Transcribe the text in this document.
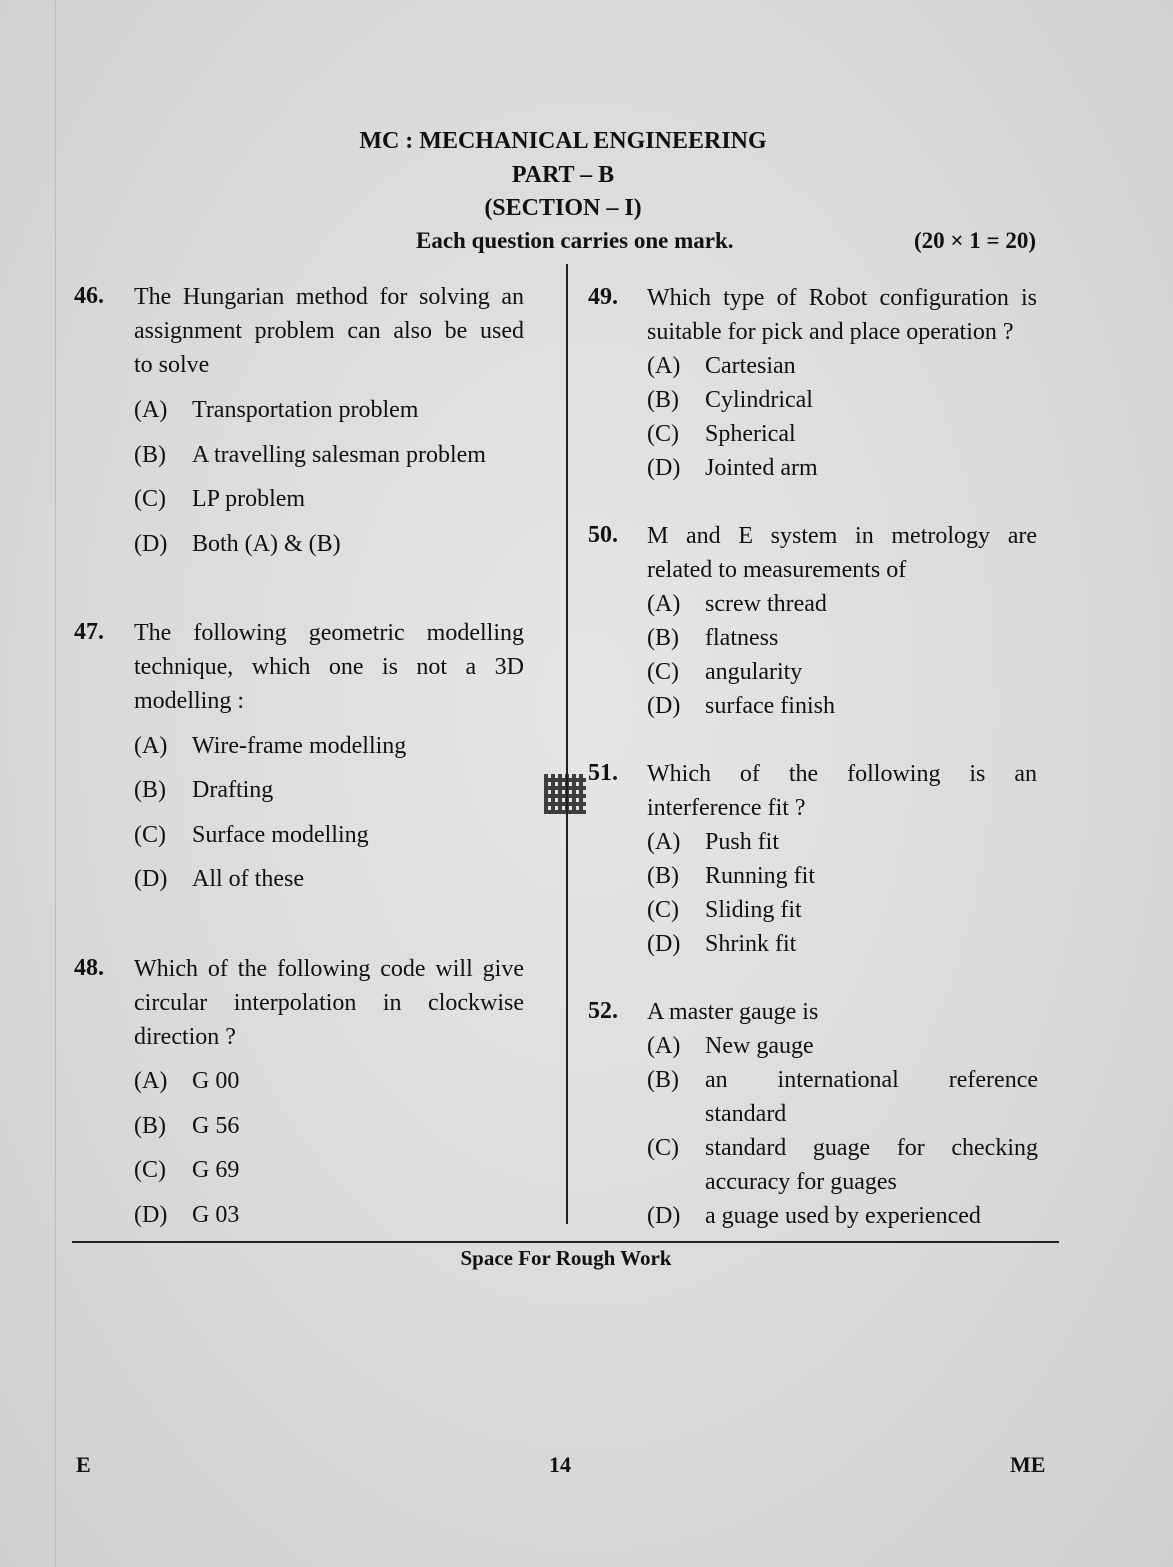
MC : MECHANICAL ENGINEERING
PART – B
(SECTION – I)
Each question carries one mark.	(20 × 1 = 20)
46. The Hungarian method for solving an
assignment problem can also be used
to solve
(A) Transportation problem
(B) A travelling salesman problem
(C) LP problem
(D) Both (A) & (B)
47. The following geometric modelling
technique, which one is not a 3D
modelling :
(A) Wire-frame modelling
(B) Drafting
(C) Surface modelling
(D) All of these
48. Which of the following code will give
circular interpolation in clockwise
direction ?
(A) G 00
(B) G 56
(C) G 69
(D) G 03
49. Which type of Robot configuration is
suitable for pick and place operation ?
(A) Cartesian
(B) Cylindrical
(C) Spherical
(D) Jointed arm
50. M and E system in metrology are
related to measurements of
(A) screw thread
(B) flatness
(C) angularity
(D) surface finish
51. Which of the following is an
interference fit ?
(A) Push fit
(B) Running fit
(C) Sliding fit
(D) Shrink fit
52. A master gauge is
(A) New gauge
(B)	an international reference
standard
(C)	standard guage for checking
accuracy for guages
(D) a guage used by experienced
Space For Rough Work
E	14	ME
